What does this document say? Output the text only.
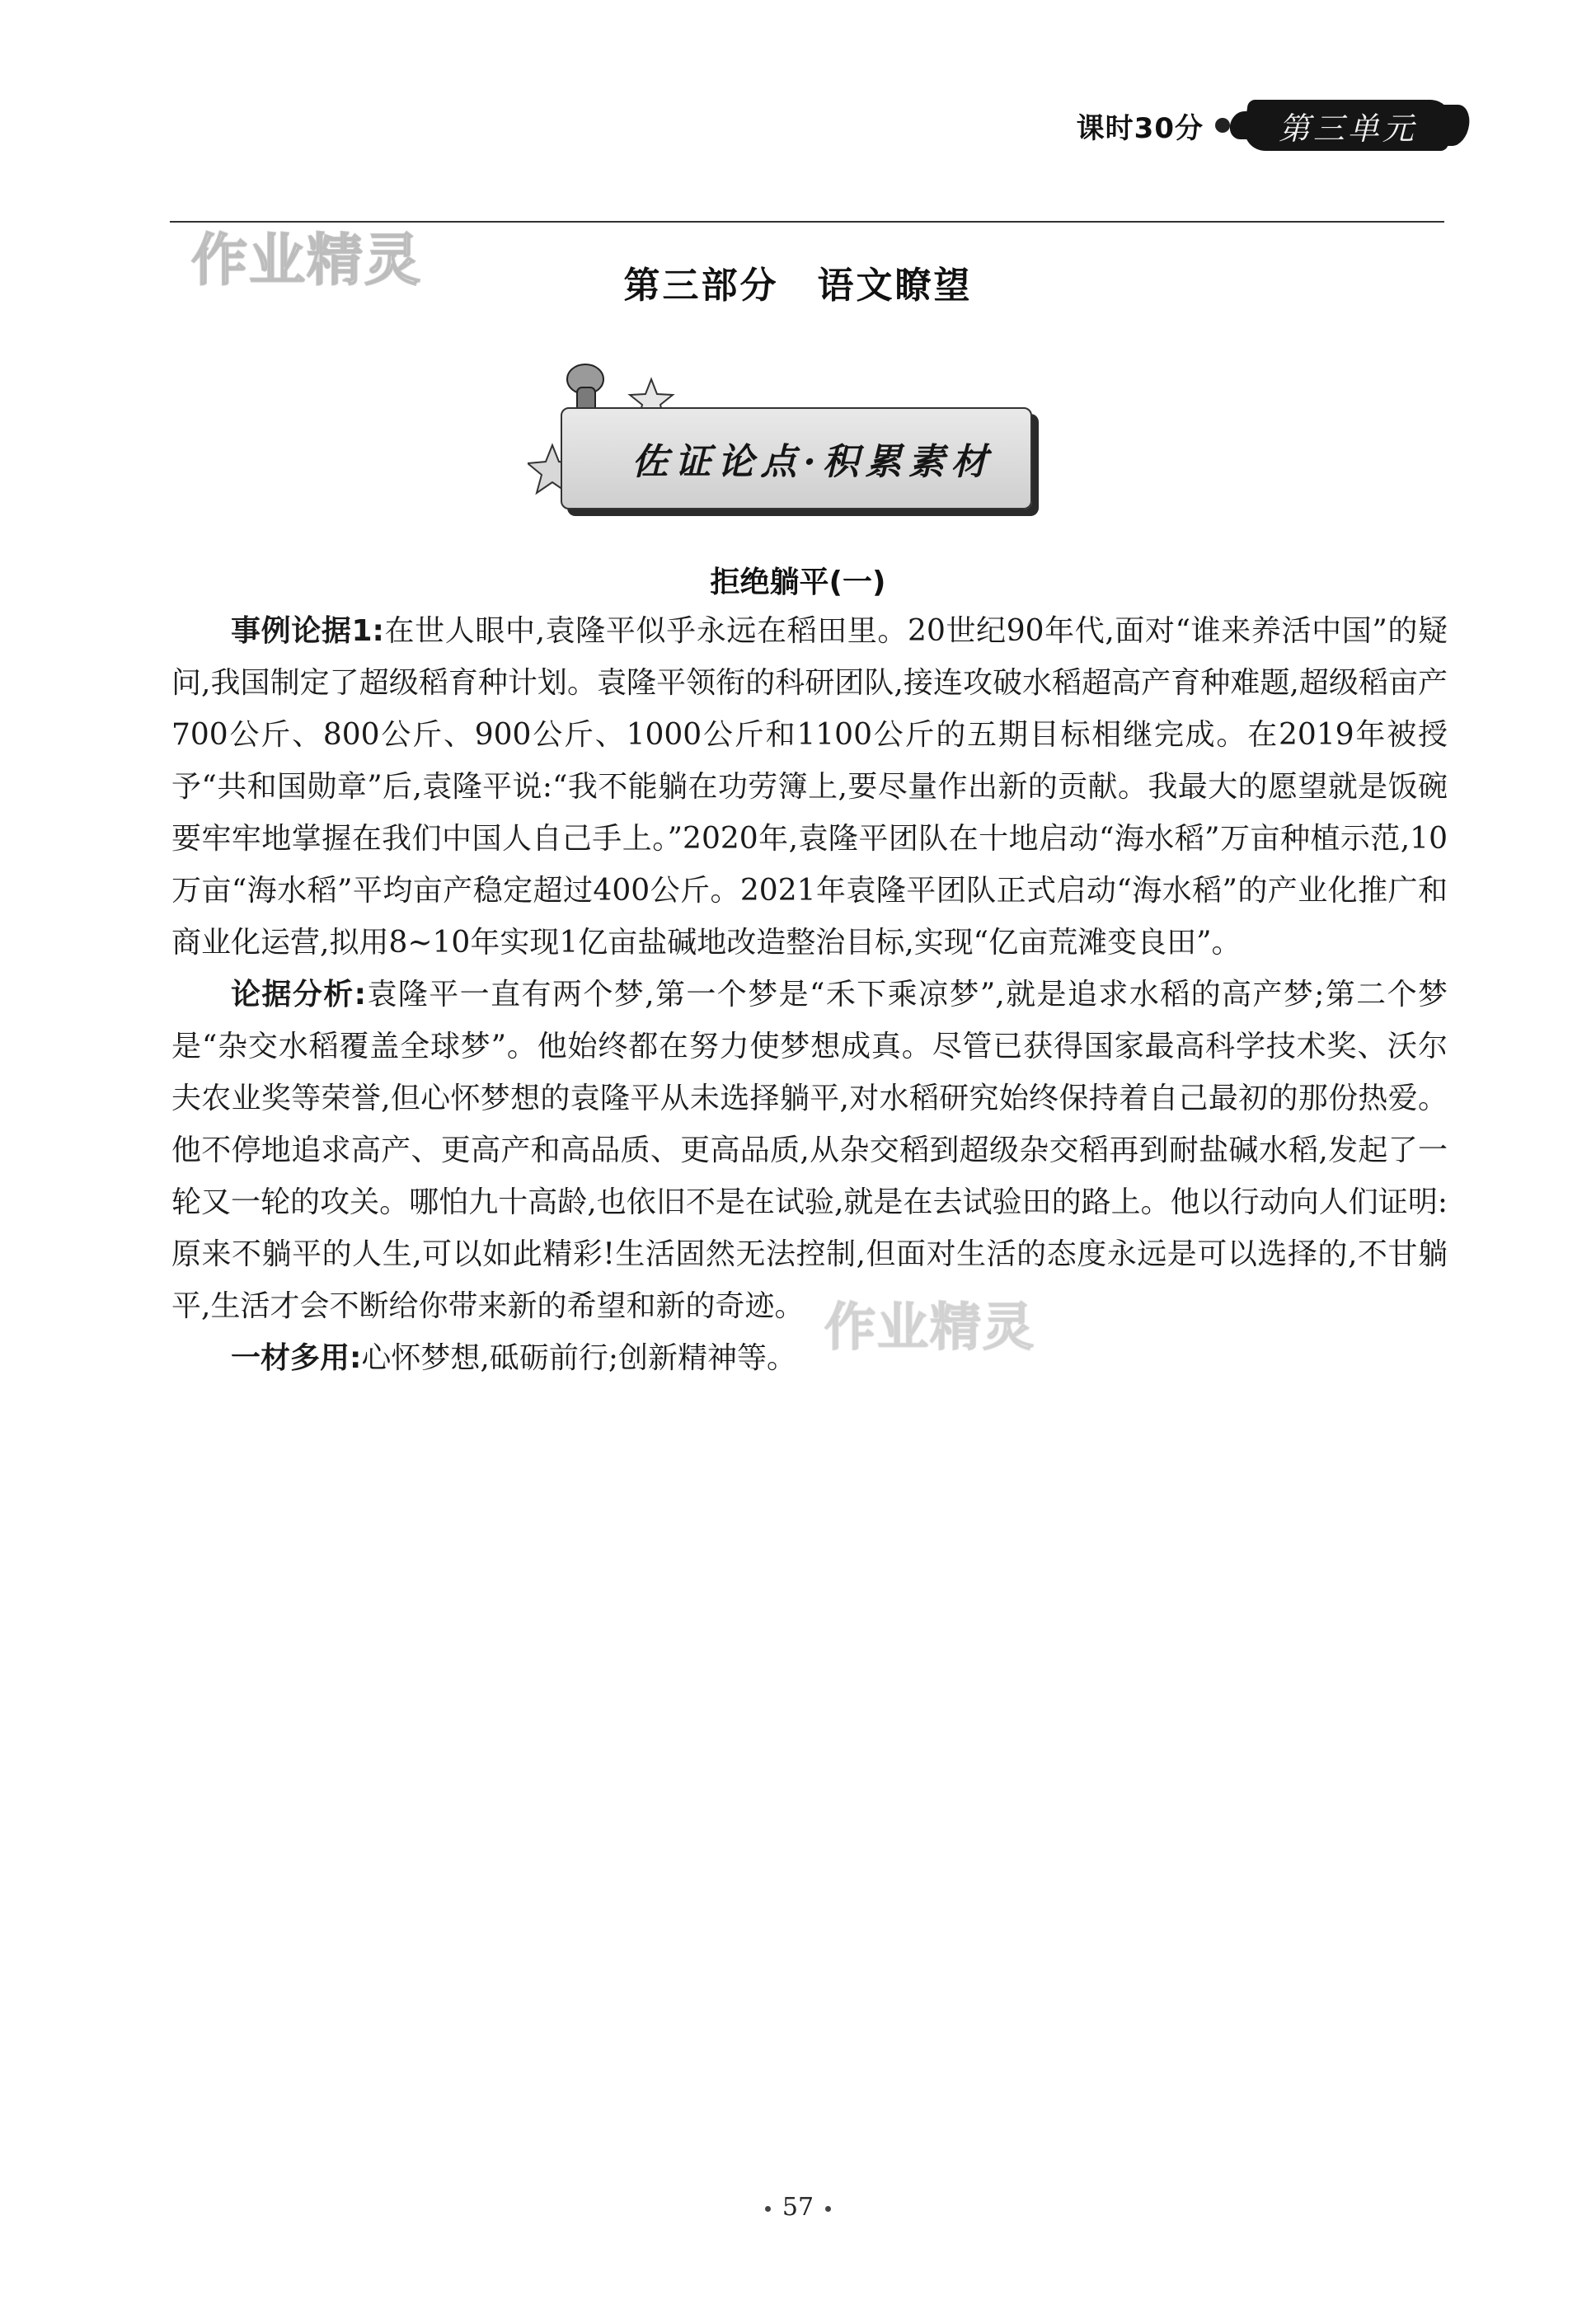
课时30分 第三单元
作业精灵
作业精灵
第三部分　语文瞭望
佐证论点·积累素材
拒绝躺平(一)

事例论据1:在世人眼中,袁隆平似乎永远在稻田里。20世纪90年代,面对“谁来养活中国”的疑问,我国制定了超级稻育种计划。袁隆平领衔的科研团队,接连攻破水稻超高产育种难题,超级稻亩产700公斤、800公斤、900公斤、1000公斤和1100公斤的五期目标相继完成。在2019年被授予“共和国勋章”后,袁隆平说:“我不能躺在功劳簿上,要尽量作出新的贡献。我最大的愿望就是饭碗要牢牢地掌握在我们中国人自己手上。”2020年,袁隆平团队在十地启动“海水稻”万亩种植示范,10万亩“海水稻”平均亩产稳定超过400公斤。2021年袁隆平团队正式启动“海水稻”的产业化推广和商业化运营,拟用8~10年实现1亿亩盐碱地改造整治目标,实现“亿亩荒滩变良田”。

论据分析:袁隆平一直有两个梦,第一个梦是“禾下乘凉梦”,就是追求水稻的高产梦;第二个梦是“杂交水稻覆盖全球梦”。他始终都在努力使梦想成真。尽管已获得国家最高科学技术奖、沃尔夫农业奖等荣誉,但心怀梦想的袁隆平从未选择躺平,对水稻研究始终保持着自己最初的那份热爱。他不停地追求高产、更高产和高品质、更高品质,从杂交稻到超级杂交稻再到耐盐碱水稻,发起了一轮又一轮的攻关。哪怕九十高龄,也依旧不是在试验,就是在去试验田的路上。他以行动向人们证明:原来不躺平的人生,可以如此精彩!生活固然无法控制,但面对生活的态度永远是可以选择的,不甘躺平,生活才会不断给你带来新的希望和新的奇迹。

一材多用:心怀梦想,砥砺前行;创新精神等。

57
